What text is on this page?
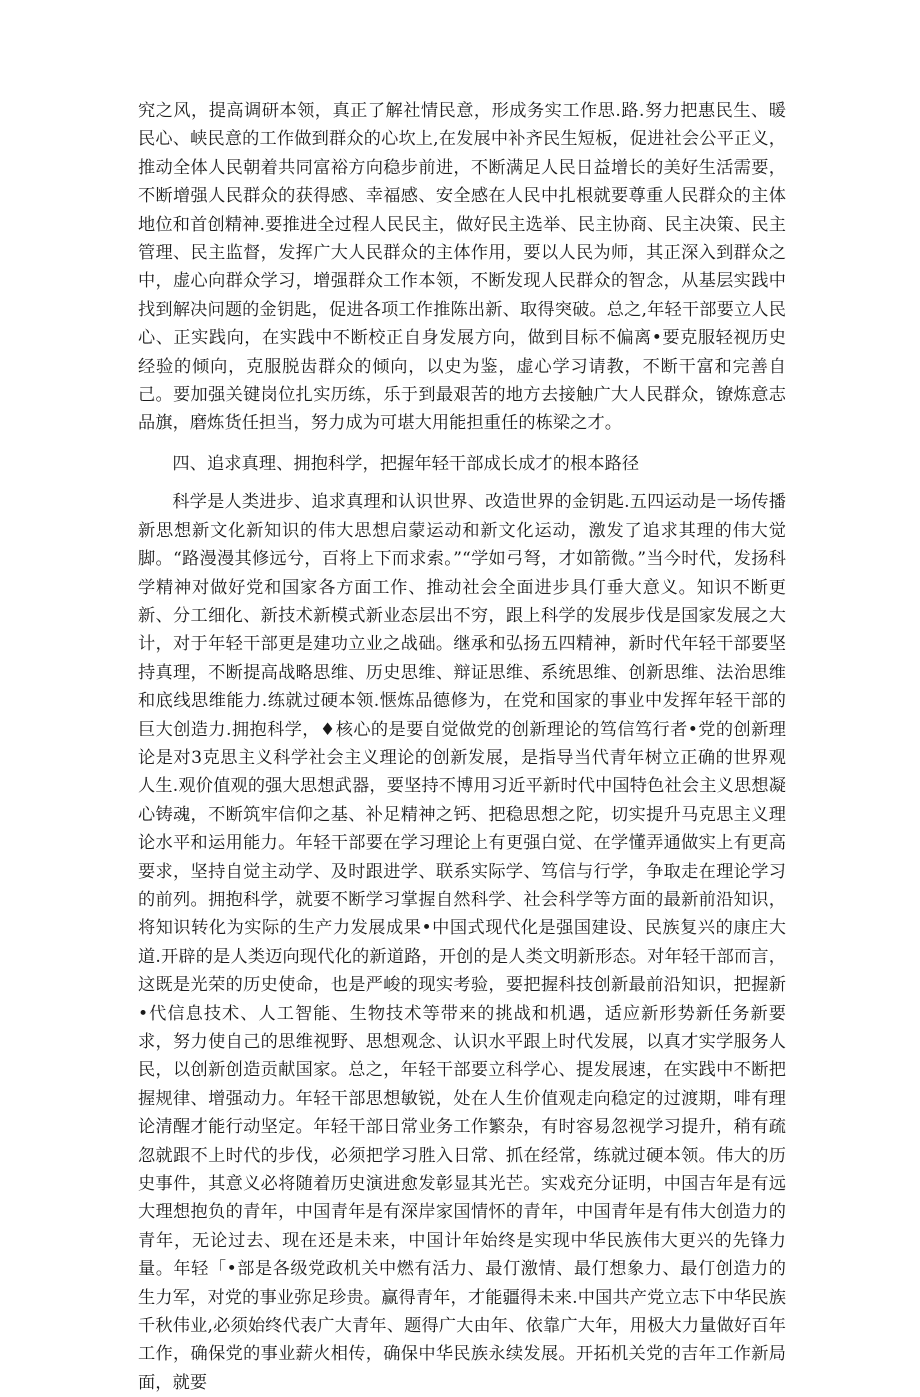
究之风，提高调研本领，真正了解社情民意，形成务实工作思.路.努力把惠民生、暖民心、峡民意的工作做到群众的心坎上,在发展中补齐民生短板，促进社会公平正义，推动全体人民朝着共同富裕方向稳步前进，不断满足人民日益增长的美好生活需要，不断增强人民群众的获得感、幸福感、安全感在人民中扎根就要尊重人民群众的主体地位和首创精神.要推进全过程人民民主，做好民主选举、民主协商、民主决策、民主管理、民主监督，发挥广大人民群众的主体作用，要以人民为师，其正深入到群众之中，虚心向群众学习，增强群众工作本领，不断发现人民群众的智念，从基层实践中找到解决问题的金钥匙，促进各项工作推陈出新、取得突破。总之,年轻干部要立人民心、正实践向，在实践中不断校正自身发展方向，做到目标不偏离•要克服轻视历史经验的倾向，克服脱齿群众的倾向，以史为鉴，虚心学习请教，不断干富和完善自己。要加强关键岗位扎实历练，乐于到最艰苦的地方去接触广大人民群众，镣炼意志品旗，磨炼货任担当，努力成为可堪大用能担重任的栋梁之才。

四、追求真理、拥抱科学，把握年轻干部成长成才的根本路径

科学是人类进步、追求真理和认识世界、改造世界的金钥匙.五四运动是一场传播新思想新文化新知识的伟大思想启蒙运动和新文化运动，激发了追求其理的伟大觉脚。“路漫漫其修远兮，百将上下而求索。”“学如弓弩，才如箭微。”当今时代，发扬科学精神对做好党和国家各方面工作、推动社会全面进步具仃垂大意义。知识不断更新、分工细化、新技术新模式新业态层出不穷，跟上科学的发展步伐是国家发展之大计，对于年轻干部更是建功立业之战础。继承和弘扬五四精神，新时代年轻干部要坚持真理，不断提高战略思维、历史思维、辩证思维、系统思维、创新思维、法治思维和底线思维能力.练就过硬本领.惬炼品德修为，在党和国家的事业中发挥年轻干部的巨大创造力.拥抱科学，♦核心的是要自觉做党的创新理论的笃信笃行者•党的创新理论是对3克思主义科学社会主义理论的创新发展，是指导当代青年树立正确的世界观人生.观价值观的强大思想武器，要坚持不博用习近平新时代中国特色社会主义思想凝心铸魂，不断筑牢信仰之基、补足精神之钙、把稳思想之陀，切实提升马克思主义理论水平和运用能力。年轻干部要在学习理论上有更强白觉、在学懂弄通做实上有更高要求，坚持自觉主动学、及时跟进学、联系实际学、笃信与行学，争取走在理论学习的前列。拥抱科学，就要不断学习掌握自然科学、社会科学等方面的最新前沿知识，将知识转化为实际的生产力发展成果•中国式现代化是强国建设、民族复兴的康庄大道.开辟的是人类迈向现代化的新道路，开创的是人类文明新形态。对年轻干部而言，这既是光荣的历史使命，也是严峻的现实考验，要把握科技创新最前沿知识，把握新•代信息技术、人工智能、生物技术等带来的挑战和机遇，适应新形势新任务新要求，努力使自己的思维视野、思想观念、认识水平跟上时代发展，以真才实学服务人民，以创新创造贡献国家。总之，年轻干部要立科学心、提发展速，在实践中不断把握规律、增强动力。年轻干部思想敏锐，处在人生价值观走向稳定的过渡期，啡有理论清醒才能行动坚定。年轻干部日常业务工作繁杂，有时容易忽视学习提升，稍有疏忽就跟不上时代的步伐，必须把学习胜入日常、抓在经常，练就过硬本领。伟大的历史事件，其意义必将随着历史演进愈发彰显其光芒。实戏充分证明，中国吉年是有远大理想抱负的青年，中国青年是有深岸家国情怀的青年，中国青年是有伟大创造力的青年，无论过去、现在还是未来，中国计年始终是实现中华民族伟大更兴的先锋力量。年轻「•部是各级党政机关中燃有活力、最仃激情、最仃想象力、最仃创造力的生力军，对党的事业弥足珍贵。赢得青年，才能疆得未来.中国共产党立志下中华民族千秋伟业,必须始终代表广大青年、题得广大由年、依靠广大年，用极大力量做好百年工作，确保党的事业薪火相传，确保中华民族永续发展。开拓机关党的吉年工作新局面，就要
